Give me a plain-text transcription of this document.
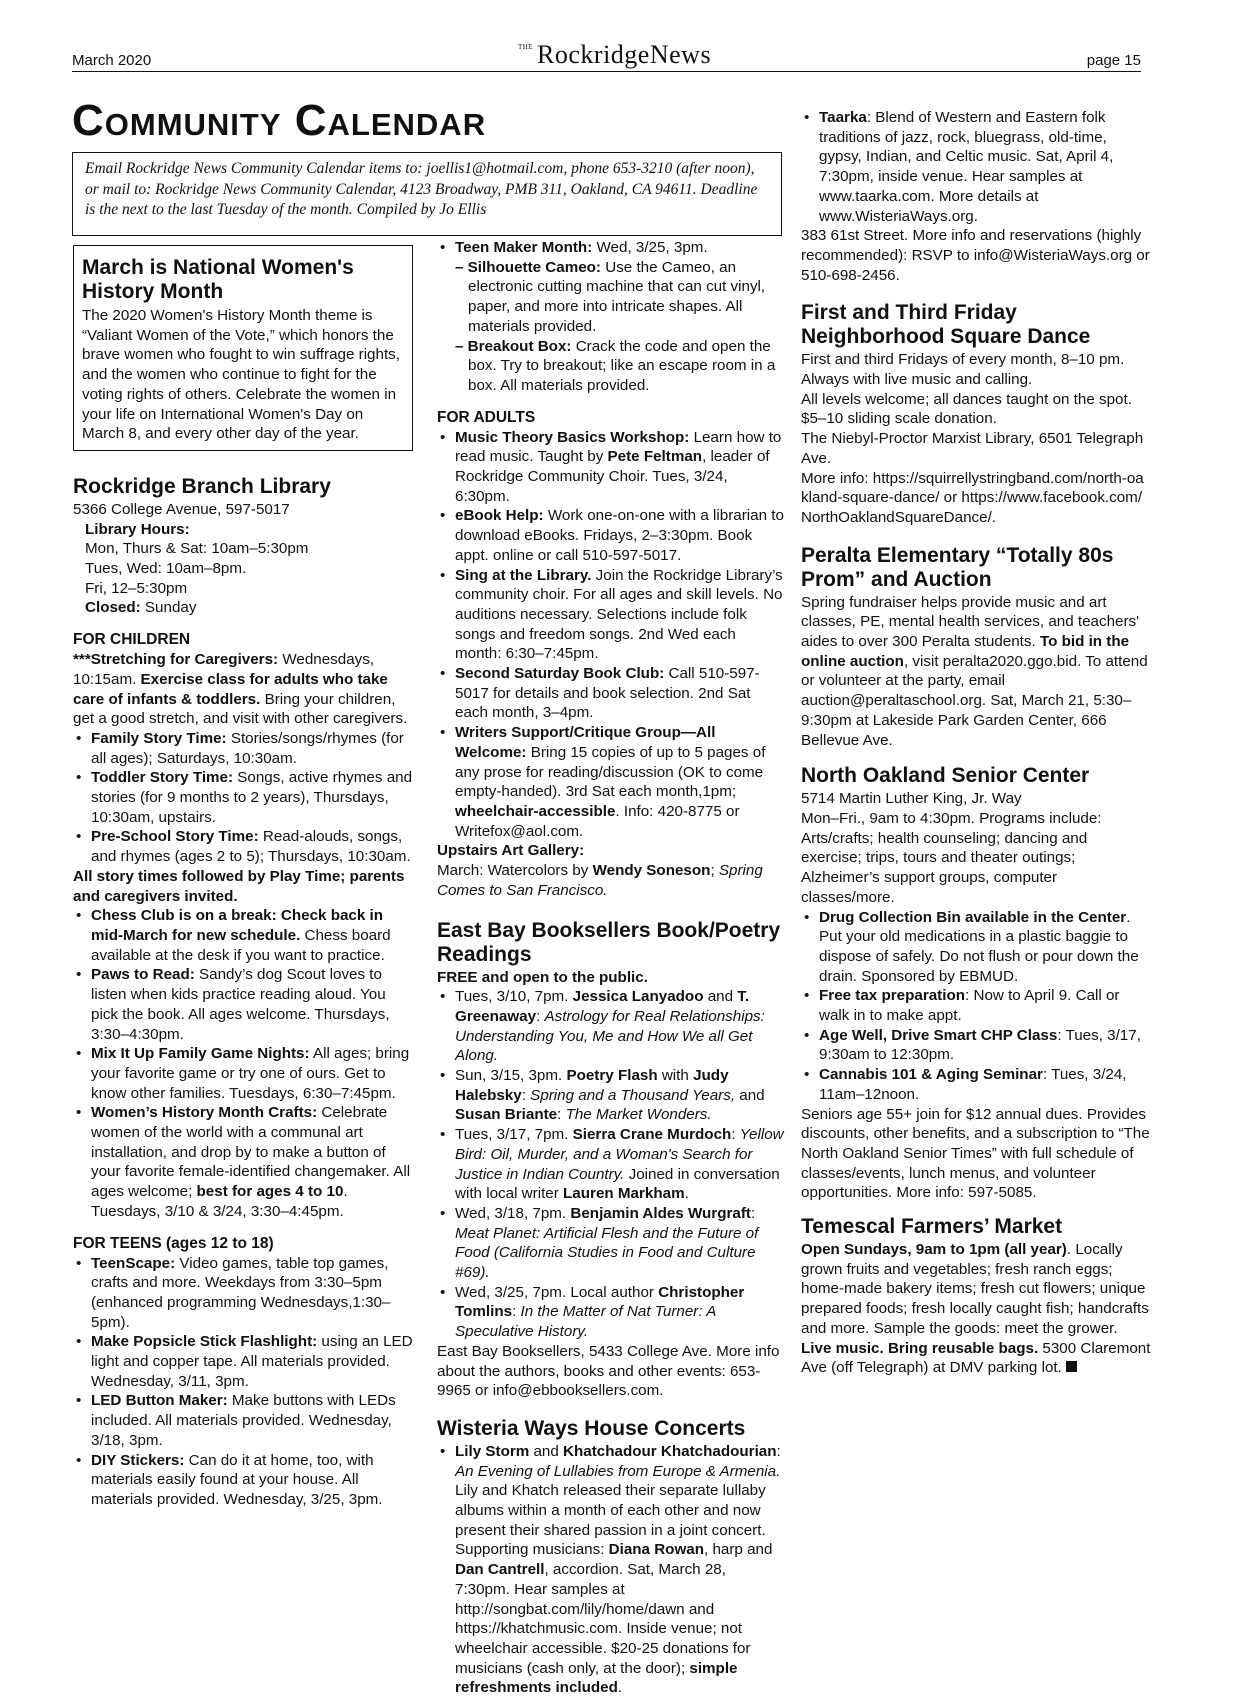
March 2020
$^{THE}$ RockridgeNews	page 15
Community Calendar
Email Rockridge News Community Calendar items to: joellis1@hotmail.com, phone 653-3210 (after noon), or mail to: Rockridge News Community Calendar, 4123 Broadway, PMB 311, Oakland, CA 94611. Deadline is the next to the last Tuesday of the month. Compiled by Jo Ellis
March is National Women's History Month

The 2020 Women's History Month theme is “Valiant Women of the Vote,” which honors the brave women who fought to win suffrage rights, and the women who continue to fight for the voting rights of others. Celebrate the women in your life on International Women's Day on March 8, and every other day of the year.

Rockridge Branch Library

5366 College Avenue, 597-5017

Library Hours:

Mon, Thurs & Sat: 10am–5:30pm

Tues, Wed: 10am–8pm.

Fri, 12–5:30pm

Closed: Sunday

FOR CHILDREN

***Stretching for Caregivers: Wednesdays, 10:15am. Exercise class for adults who take care of infants & toddlers. Bring your children, get a good stretch, and visit with other caregivers.

• Family Story Time: Stories/songs/rhymes (for all ages); Saturdays, 10:30am.
• Toddler Story Time: Songs, active rhymes and stories (for 9 months to 2 years), Thursdays, 10:30am, upstairs.
• Pre-School Story Time: Read-alouds, songs, and rhymes (ages 2 to 5); Thursdays, 10:30am.

All story times followed by Play Time; parents and caregivers invited.

• Chess Club is on a break: Check back in mid-March for new schedule. Chess board available at the desk if you want to practice.
• Paws to Read: Sandy’s dog Scout loves to listen when kids practice reading aloud. You pick the book. All ages welcome. Thursdays, 3:30–4:30pm.
• Mix It Up Family Game Nights: All ages; bring your favorite game or try one of ours. Get to know other families. Tuesdays, 6:30–7:45pm.
• Women’s History Month Crafts: Celebrate women of the world with a communal art installation, and drop by to make a button of your favorite female-identified changemaker. All ages welcome; best for ages 4 to 10. Tuesdays, 3/10 & 3/24, 3:30–4:45pm.
FOR TEENS (ages 12 to 18)
• TeenScape: Video games, table top games, crafts and more. Weekdays from 3:30–5pm (enhanced programming Wednesdays,1:30–5pm).
• Make Popsicle Stick Flashlight: using an LED light and copper tape. All materials provided. Wednesday, 3/11, 3pm.
• LED Button Maker: Make buttons with LEDs included. All materials provided. Wednesday, 3/18, 3pm.
• DIY Stickers: Can do it at home, too, with materials easily found at your house. All materials provided. Wednesday, 3/25, 3pm.
• Teen Maker Month: Wed, 3/25, 3pm.

– Silhouette Cameo: Use the Cameo, an electronic cutting machine that can cut vinyl, paper, and more into intricate shapes. All materials provided.

– Breakout Box: Crack the code and open the box. Try to breakout; like an escape room in a box. All materials provided.

FOR ADULTS
• Music Theory Basics Workshop: Learn how to read music. Taught by Pete Feltman, leader of Rockridge Community Choir. Tues, 3/24, 6:30pm.
• eBook Help: Work one-on-one with a librarian to download eBooks. Fridays, 2–3:30pm. Book appt. online or call 510-597-5017.
• Sing at the Library. Join the Rockridge Library’s community choir. For all ages and skill levels. No auditions necessary. Selections include folk songs and freedom songs. 2nd Wed each month: 6:30–7:45pm.
• Second Saturday Book Club: Call 510-597-5017 for details and book selection. 2nd Sat each month, 3–4pm.
• Writers Support/Critique Group—All Welcome: Bring 15 copies of up to 5 pages of any prose for reading/discussion (OK to come empty-handed). 3rd Sat each month,1pm; wheelchair-accessible. Info: 420-8775 or Writefox@aol.com.

Upstairs Art Gallery:

March: Watercolors by Wendy Soneson; Spring Comes to San Francisco.

East Bay Booksellers Book/Poetry Readings

FREE and open to the public.

• Tues, 3/10, 7pm. Jessica Lanyadoo and T. Greenaway: Astrology for Real Relationships: Understanding You, Me and How We all Get Along.
• Sun, 3/15, 3pm. Poetry Flash with Judy Halebsky: Spring and a Thousand Years, and Susan Briante: The Market Wonders.
• Tues, 3/17, 7pm. Sierra Crane Murdoch: Yellow Bird: Oil, Murder, and a Woman's Search for Justice in Indian Country. Joined in conversation with local writer Lauren Markham.
• Wed, 3/18, 7pm. Benjamin Aldes Wurgraft: Meat Planet: Artificial Flesh and the Future of Food (California Studies in Food and Culture #69).
• Wed, 3/25, 7pm. Local author Christopher Tomlins: In the Matter of Nat Turner: A Speculative History.

East Bay Booksellers, 5433 College Ave. More info about the authors, books and other events: 653-9965 or info@ebbooksellers.com.

Wisteria Ways House Concerts
• Lily Storm and Khatchadour Khatchadourian: An Evening of Lullabies from Europe & Armenia. Lily and Khatch released their separate lullaby albums within a month of each other and now present their shared passion in a joint concert. Supporting musicians: Diana Rowan, harp and Dan Cantrell, accordion. Sat, March 28, 7:30pm. Hear samples at http://songbat.com/lily/home/dawn and https://khatchmusic.com. Inside venue; not wheelchair accessible. $20-25 donations for musicians (cash only, at the door); simple refreshments included.
• Taarka: Blend of Western and Eastern folk traditions of jazz, rock, bluegrass, old-time, gypsy, Indian, and Celtic music. Sat, April 4, 7:30pm, inside venue. Hear samples at www.taarka.com. More details at www.WisteriaWays.org.

383 61st Street. More info and reservations (highly recommended): RSVP to info@WisteriaWays.org or 510-698-2456.

First and Third Friday Neighborhood Square Dance

First and third Fridays of every month, 8–10 pm. Always with live music and calling.

All levels welcome; all dances taught on the spot. $5–10 sliding scale donation.

The Niebyl-Proctor Marxist Library, 6501 Telegraph Ave.

More info: https://squirrellystringband.com/north-oakland-square-dance/ or https://www.facebook.com/NorthOaklandSquareDance/.

Peralta Elementary “Totally 80s Prom” and Auction

Spring fundraiser helps provide music and art classes, PE, mental health services, and teachers' aides to over 300 Peralta students. To bid in the online auction, visit peralta2020.ggo.bid. To attend or volunteer at the party, email auction@peraltaschool.org. Sat, March 21, 5:30–9:30pm at Lakeside Park Garden Center, 666 Bellevue Ave.

North Oakland Senior Center

5714 Martin Luther King, Jr. Way

Mon–Fri., 9am to 4:30pm. Programs include: Arts/crafts; health counseling; dancing and exercise; trips, tours and theater outings; Alzheimer’s support groups, computer classes/more.

• Drug Collection Bin available in the Center. Put your old medications in a plastic baggie to dispose of safely. Do not flush or pour down the drain. Sponsored by EBMUD.
• Free tax preparation: Now to April 9. Call or walk in to make appt.
• Age Well, Drive Smart CHP Class: Tues, 3/17, 9:30am to 12:30pm.
• Cannabis 101 & Aging Seminar: Tues, 3/24, 11am–12noon.

Seniors age 55+ join for $12 annual dues. Provides discounts, other benefits, and a subscription to “The North Oakland Senior Times” with full schedule of classes/events, lunch menus, and volunteer opportunities. More info: 597-5085.

Temescal Farmers’ Market

Open Sundays, 9am to 1pm (all year). Locally grown fruits and vegetables; fresh ranch eggs; home-made bakery items; fresh cut flowers; unique prepared foods; fresh locally caught fish; handcrafts and more. Sample the goods: meet the grower. Live music. Bring reusable bags. 5300 Claremont Ave (off Telegraph) at DMV parking lot.
